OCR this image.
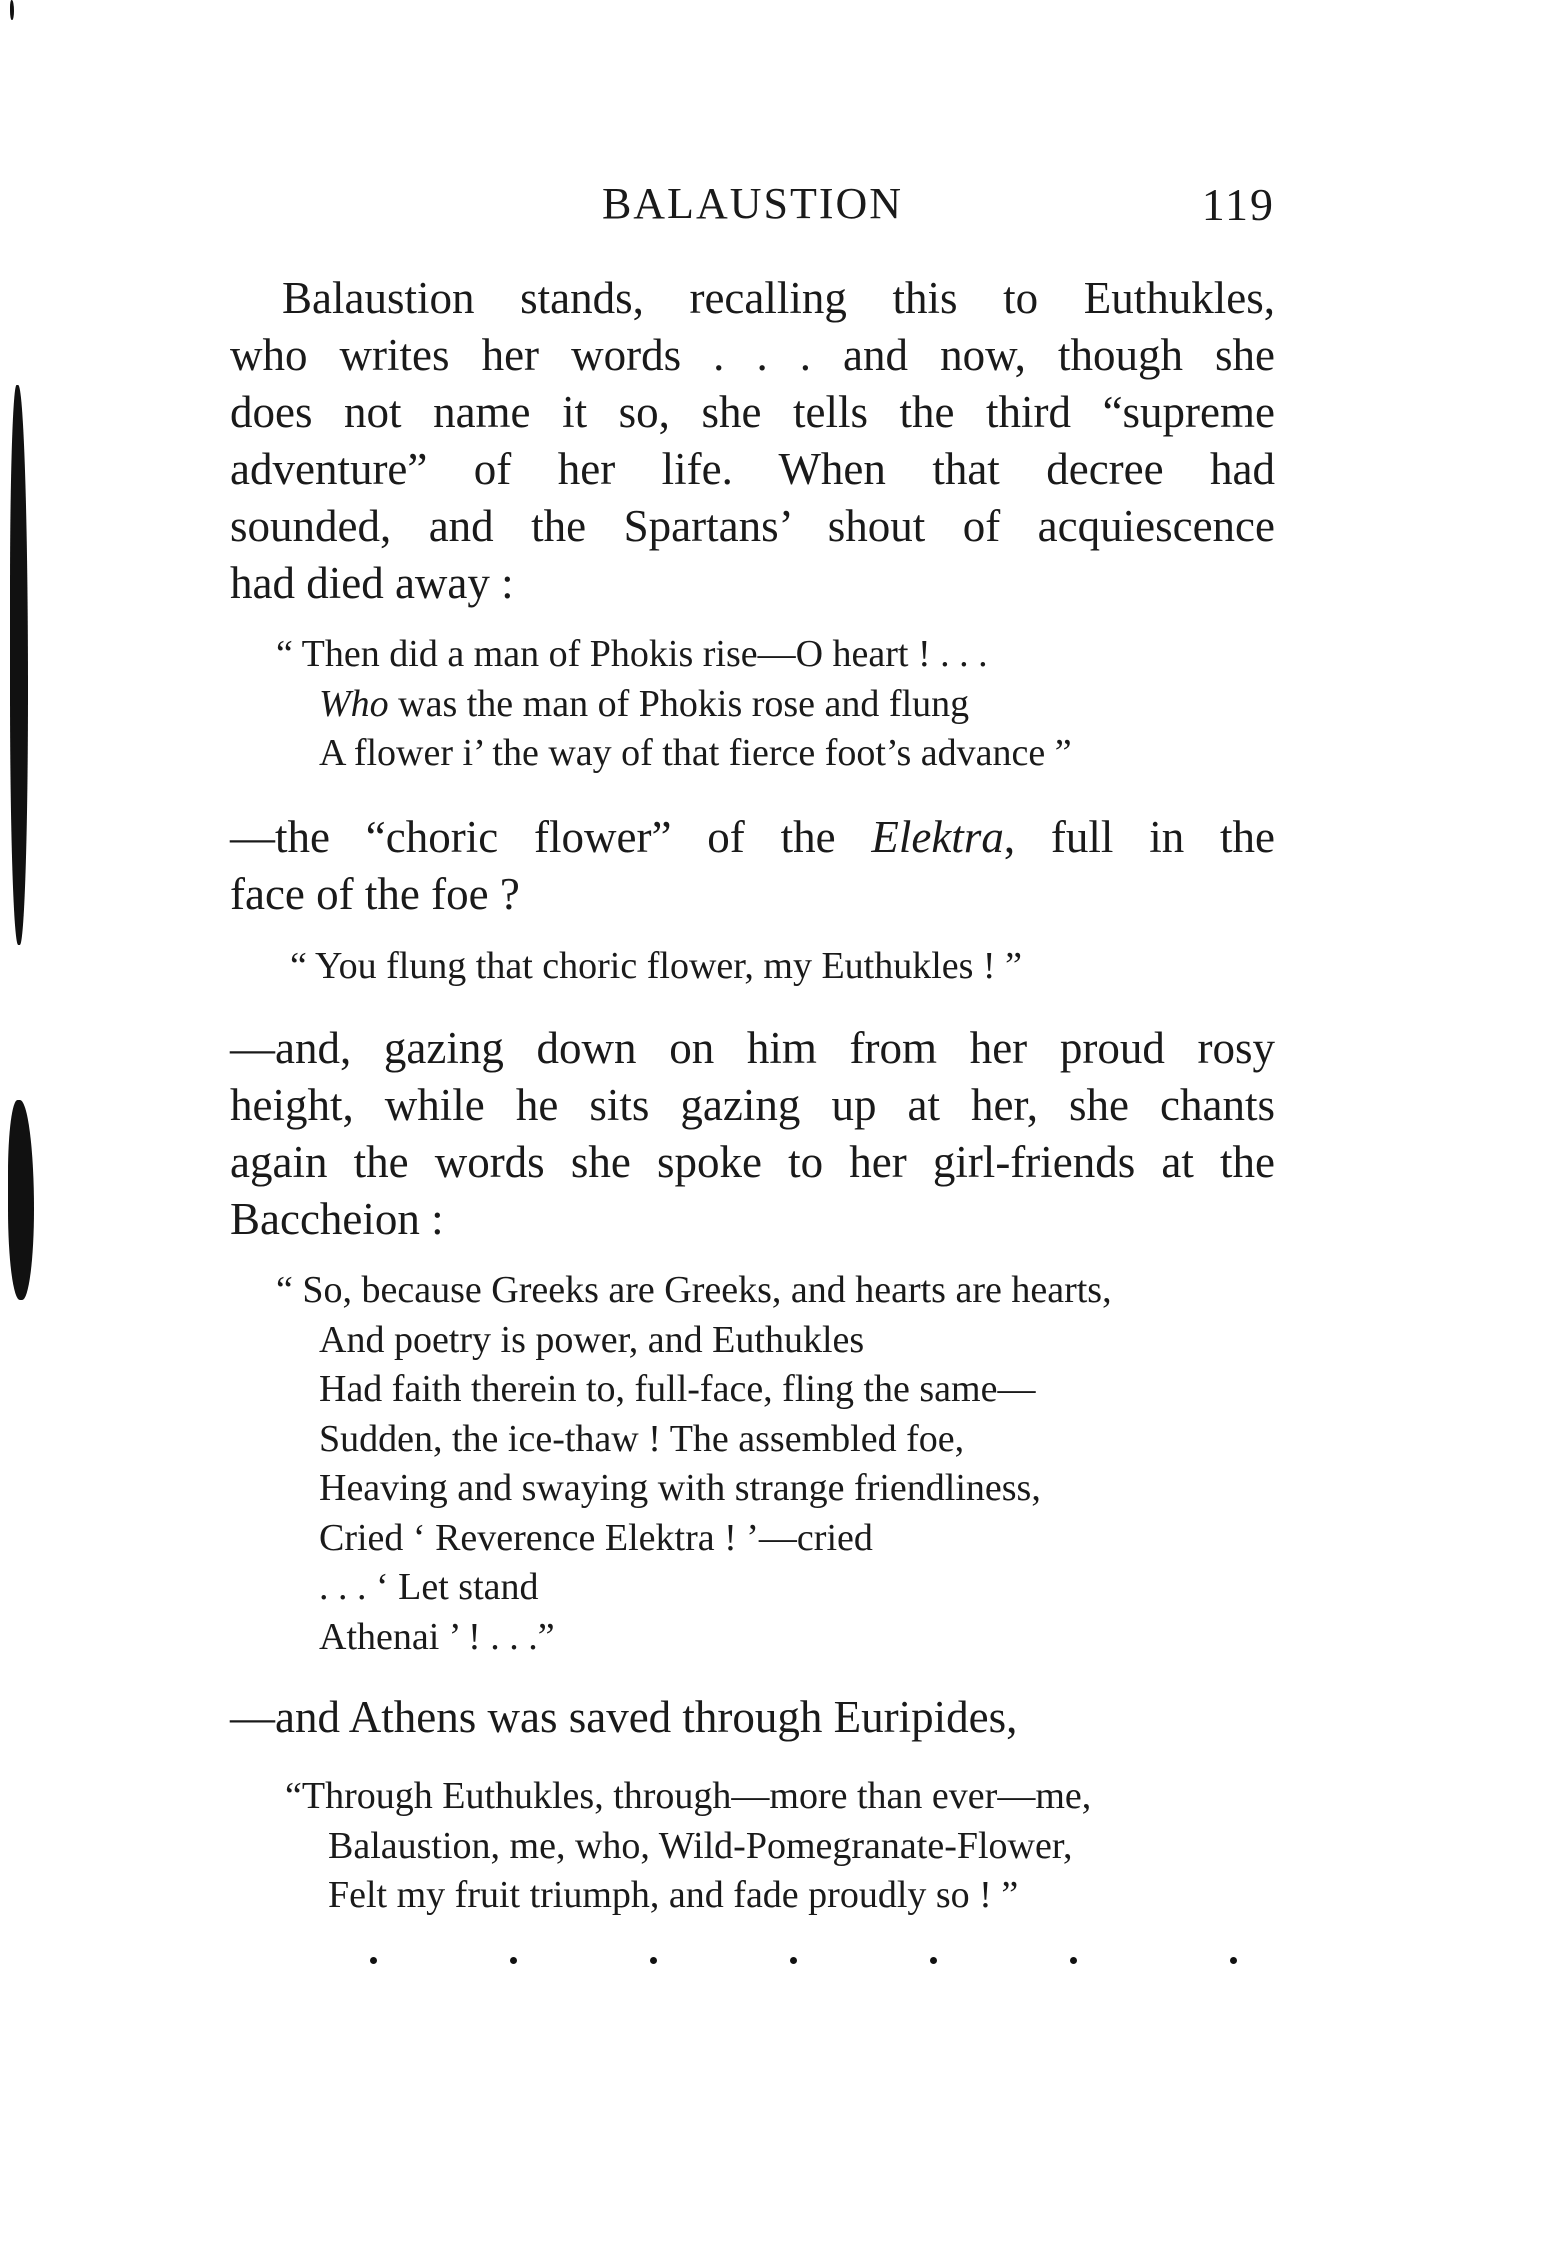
BALAUSTION	119
Balaustion stands, recalling this to Euthukles,
who writes her words . . . and now, though she
does not name it so, she tells the third “supreme
adventure” of her life. When that decree had
sounded, and the Spartans’ shout of acquiescence
had died away :
“ Then did a man of Phokis rise—O heart ! . . .
Who was the man of Phokis rose and flung
A flower i’ the way of that fierce foot’s advance ”
—the “choric flower” of the Elektra, full in the
face of the foe ?
“ You flung that choric flower, my Euthukles ! ”
—and, gazing down on him from her proud rosy
height, while he sits gazing up at her, she chants
again the words she spoke to her girl-friends at the
Baccheion :
“ So, because Greeks are Greeks, and hearts are hearts,
And poetry is power, and Euthukles
Had faith therein to, full-face, fling the same—
Sudden, the ice-thaw ! The assembled foe,
Heaving and swaying with strange friendliness,
Cried ‘ Reverence Elektra ! ’—cried
. . . ‘ Let stand
Athenai ’ ! . . .”
—and Athens was saved through Euripides,
“Through Euthukles, through—more than ever—me,
Balaustion, me, who, Wild-Pomegranate-Flower,
Felt my fruit triumph, and fade proudly so ! ”
